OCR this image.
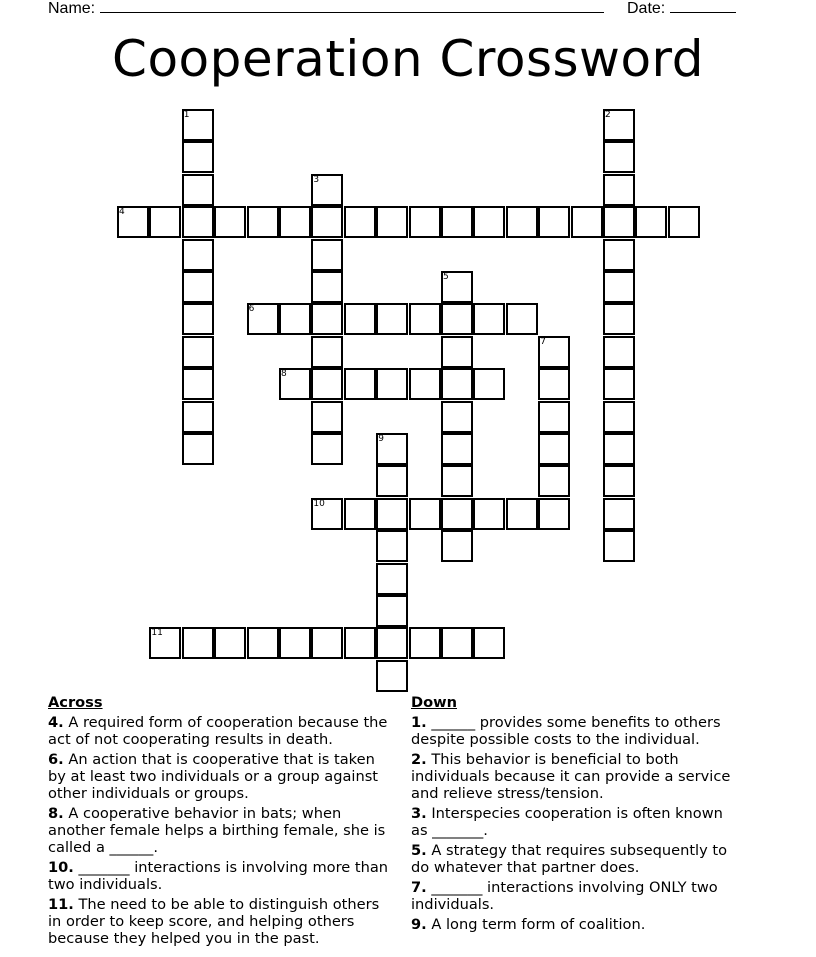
Name:	Date:
Cooperation Crossword
4
6
8
10
11
1	2
3
5
7
9
Across
4. A required form of cooperation because the act of not cooperating results in death.
6. An action that is cooperative that is taken by at least two individuals or a group against other individuals or groups.
8. A cooperative behavior in bats; when another female helps a birthing female, she is called a ______.
10. _______ interactions is involving more than two individuals.
11. The need to be able to distinguish others in order to keep score, and helping others because they helped you in the past.
Down
1. ______ provides some benefits to others despite possible costs to the individual.
2. This behavior is beneficial to both individuals because it can provide a service and relieve stress/tension.
3. Interspecies cooperation is often known as _______.
5. A strategy that requires subsequently to do whatever that partner does.
7. _______ interactions involving ONLY two individuals.
9. A long term form of coalition.
